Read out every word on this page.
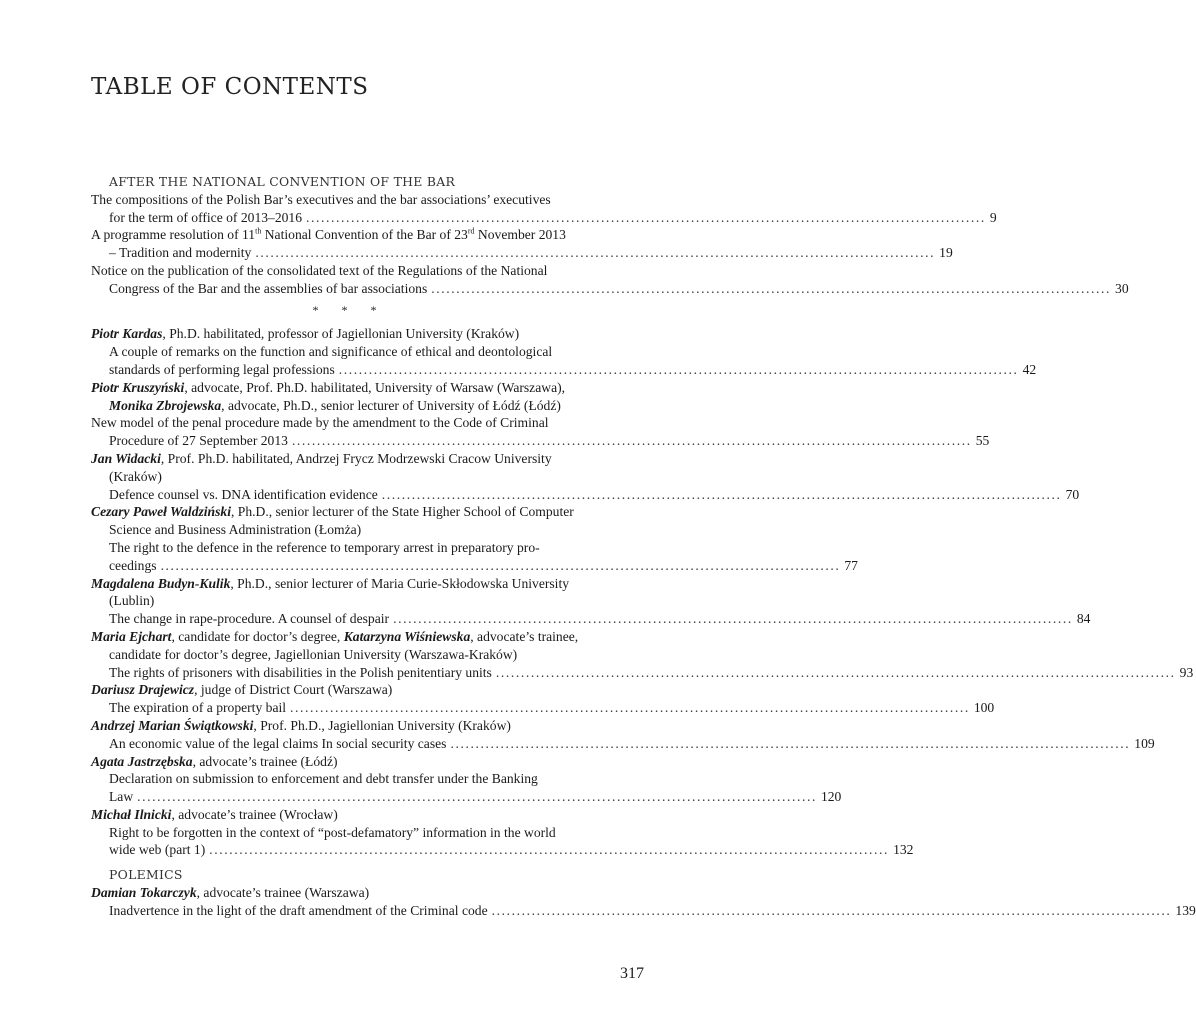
TABLE OF CONTENTS
AFTER THE NATIONAL CONVENTION OF THE BAR
The compositions of the Polish Bar’s executives and the bar associations’ executives
for the term of office of 2013–2016 ........................................................................................................................................ 9
A programme resolution of 11th National Convention of the Bar of 23rd November 2013
– Tradition and modernity ........................................................................................................................................ 19
Notice on the publication of the consolidated text of the Regulations of the National
Congress of the Bar and the assemblies of bar associations ........................................................................................................................................ 30
* * *
Piotr Kardas, Ph.D. habilitated, professor of Jagiellonian University (Kraków)
A couple of remarks on the function and significance of ethical and deontological
standards of performing legal professions ........................................................................................................................................ 42
Piotr Kruszyński, advocate, Prof. Ph.D. habilitated, University of Warsaw (Warszawa),
Monika Zbrojewska, advocate, Ph.D., senior lecturer of University of Łódź (Łódź)
New model of the penal procedure made by the amendment to the Code of Criminal
Procedure of 27 September 2013 ........................................................................................................................................ 55
Jan Widacki, Prof. Ph.D. habilitated, Andrzej Frycz Modrzewski Cracow University
(Kraków)
Defence counsel vs. DNA identification evidence ........................................................................................................................................ 70
Cezary Paweł Waldziński, Ph.D., senior lecturer of the State Higher School of Computer
Science and Business Administration (Łomża)
The right to the defence in the reference to temporary arrest in preparatory pro-
ceedings ........................................................................................................................................ 77
Magdalena Budyn-Kulik, Ph.D., senior lecturer of Maria Curie-Skłodowska University
(Lublin)
The change in rape-procedure. A counsel of despair ........................................................................................................................................ 84
Maria Ejchart, candidate for doctor’s degree, Katarzyna Wiśniewska, advocate’s trainee,
candidate for doctor’s degree, Jagiellonian University (Warszawa-Kraków)
The rights of prisoners with disabilities in the Polish penitentiary units ........................................................................................................................................ 93
Dariusz Drajewicz, judge of District Court (Warszawa)
The expiration of a property bail ........................................................................................................................................ 100
Andrzej Marian Świątkowski, Prof. Ph.D., Jagiellonian University (Kraków)
An economic value of the legal claims In social security cases ........................................................................................................................................ 109
Agata Jastrzębska, advocate’s trainee (Łódź)
Declaration on submission to enforcement and debt transfer under the Banking
Law ........................................................................................................................................ 120
Michał Ilnicki, advocate’s trainee (Wrocław)
Right to be forgotten in the context of “post-defamatory” information in the world
wide web (part 1) ........................................................................................................................................ 132
POLEMICS
Damian Tokarczyk, advocate’s trainee (Warszawa)
Inadvertence in the light of the draft amendment of the Criminal code ........................................................................................................................................ 139
317
